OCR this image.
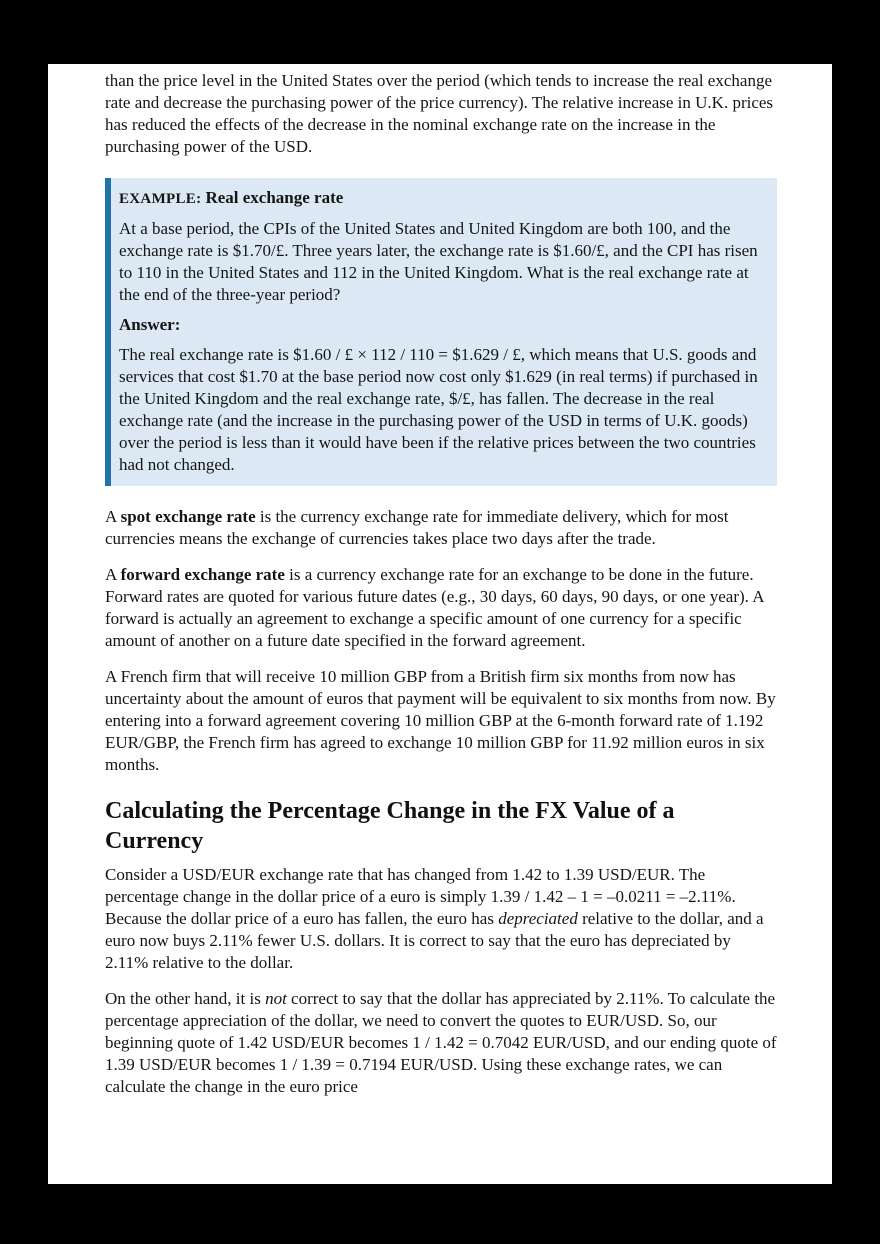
than the price level in the United States over the period (which tends to increase the real exchange rate and decrease the purchasing power of the price currency). The relative increase in U.K. prices has reduced the effects of the decrease in the nominal exchange rate on the increase in the purchasing power of the USD.

EXAMPLE: Real exchange rate

At a base period, the CPIs of the United States and United Kingdom are both 100, and the exchange rate is $1.70/£. Three years later, the exchange rate is $1.60/£, and the CPI has risen to 110 in the United States and 112 in the United Kingdom. What is the real exchange rate at the end of the three-year period?

Answer:

The real exchange rate is $1.60 / £ × 112 / 110 = $1.629 / £, which means that U.S. goods and services that cost $1.70 at the base period now cost only $1.629 (in real terms) if purchased in the United Kingdom and the real exchange rate, $/£, has fallen. The decrease in the real exchange rate (and the increase in the purchasing power of the USD in terms of U.K. goods) over the period is less than it would have been if the relative prices between the two countries had not changed.

A spot exchange rate is the currency exchange rate for immediate delivery, which for most currencies means the exchange of currencies takes place two days after the trade.

A forward exchange rate is a currency exchange rate for an exchange to be done in the future. Forward rates are quoted for various future dates (e.g., 30 days, 60 days, 90 days, or one year). A forward is actually an agreement to exchange a specific amount of one currency for a specific amount of another on a future date specified in the forward agreement.

A French firm that will receive 10 million GBP from a British firm six months from now has uncertainty about the amount of euros that payment will be equivalent to six months from now. By entering into a forward agreement covering 10 million GBP at the 6-month forward rate of 1.192 EUR/GBP, the French firm has agreed to exchange 10 million GBP for 11.92 million euros in six months.

Calculating the Percentage Change in the FX Value of a Currency

Consider a USD/EUR exchange rate that has changed from 1.42 to 1.39 USD/EUR. The percentage change in the dollar price of a euro is simply 1.39 / 1.42 – 1 = –0.0211 = –2.11%. Because the dollar price of a euro has fallen, the euro has depreciated relative to the dollar, and a euro now buys 2.11% fewer U.S. dollars. It is correct to say that the euro has depreciated by 2.11% relative to the dollar.

On the other hand, it is not correct to say that the dollar has appreciated by 2.11%. To calculate the percentage appreciation of the dollar, we need to convert the quotes to EUR/USD. So, our beginning quote of 1.42 USD/EUR becomes 1 / 1.42 = 0.7042 EUR/USD, and our ending quote of 1.39 USD/EUR becomes 1 / 1.39 = 0.7194 EUR/USD. Using these exchange rates, we can calculate the change in the euro price
